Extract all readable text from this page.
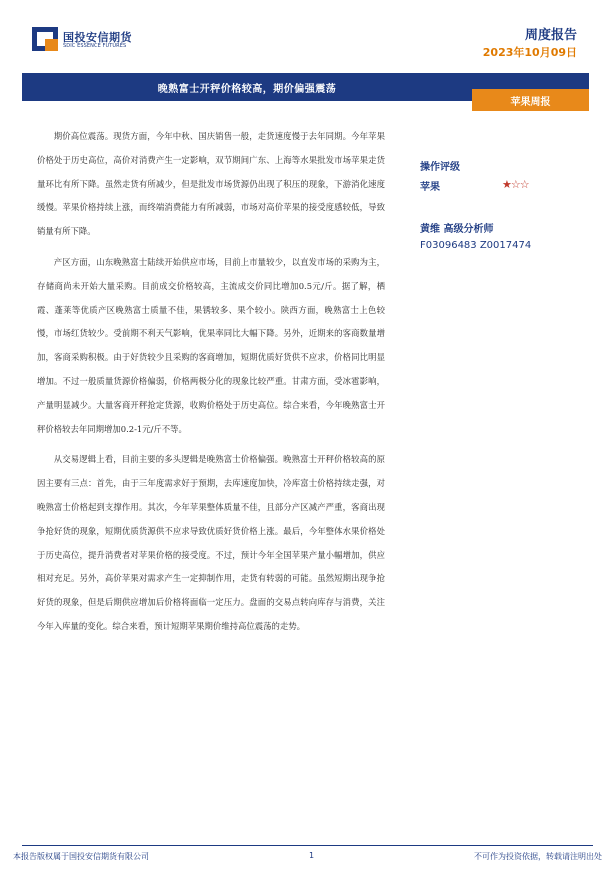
国投安信期货
SDIC ESSENCE FUTURES
周度报告
2023年10月09日
晚熟富士开秤价格较高，期价偏强震荡
苹果周报

期价高位震荡。现货方面，今年中秋、国庆销售一般，走货速度慢于去年同期。今年苹果价格处于历史高位，高价对消费产生一定影响，双节期间广东、上海等水果批发市场苹果走货量环比有所下降。虽然走货有所减少，但是批发市场货源仍出现了积压的现象，下游消化速度缓慢。苹果价格持续上涨，而终端消费能力有所减弱，市场对高价苹果的接受度感较低，导致销量有所下降。

产区方面，山东晚熟富士陆续开始供应市场，目前上市量较少，以直发市场的采购为主，存储商尚未开始大量采购。目前成交价格较高，主流成交价同比增加0.5元/斤。据了解，栖霞、蓬莱等优质产区晚熟富士质量不佳，果锈较多、果个较小。陕西方面，晚熟富士上色较慢，市场红货较少。受前期不利天气影响，优果率同比大幅下降。另外，近期来的客商数量增加，客商采购积极。由于好货较少且采购的客商增加，短期优质好货供不应求，价格同比明显增加。不过一般质量货源价格偏弱，价格两极分化的现象比较严重。甘肃方面，受冰雹影响，产量明显减少。大量客商开秤抢定货源，收购价格处于历史高位。综合来看，今年晚熟富士开秤价格较去年同期增加0.2-1元/斤不等。

从交易逻辑上看，目前主要的多头逻辑是晚熟富士价格偏强。晚熟富士开秤价格较高的原因主要有三点：首先，由于三年度需求好于预期，去库速度加快，冷库富士价格持续走强，对晚熟富士价格起到支撑作用。其次，今年苹果整体质量不佳，且部分产区减产严重，客商出现争抢好货的现象，短期优质货源供不应求导致优质好货价格上涨。最后，今年整体水果价格处于历史高位，提升消费者对苹果价格的接受度。不过，预计今年全国苹果产量小幅增加，供应相对充足。另外，高价苹果对需求产生一定抑制作用，走货有转弱的可能。虽然短期出现争抢好货的现象，但是后期供应增加后价格将面临一定压力。盘面的交易点转向库存与消费，关注今年入库量的变化。综合来看，预计短期苹果期价维持高位震荡的走势。

操作评级
苹果	★☆☆
黄维 高级分析师
F03096483 Z0017474
本报告版权属于国投安信期货有限公司	1	不可作为投资依据，转载请注明出处
